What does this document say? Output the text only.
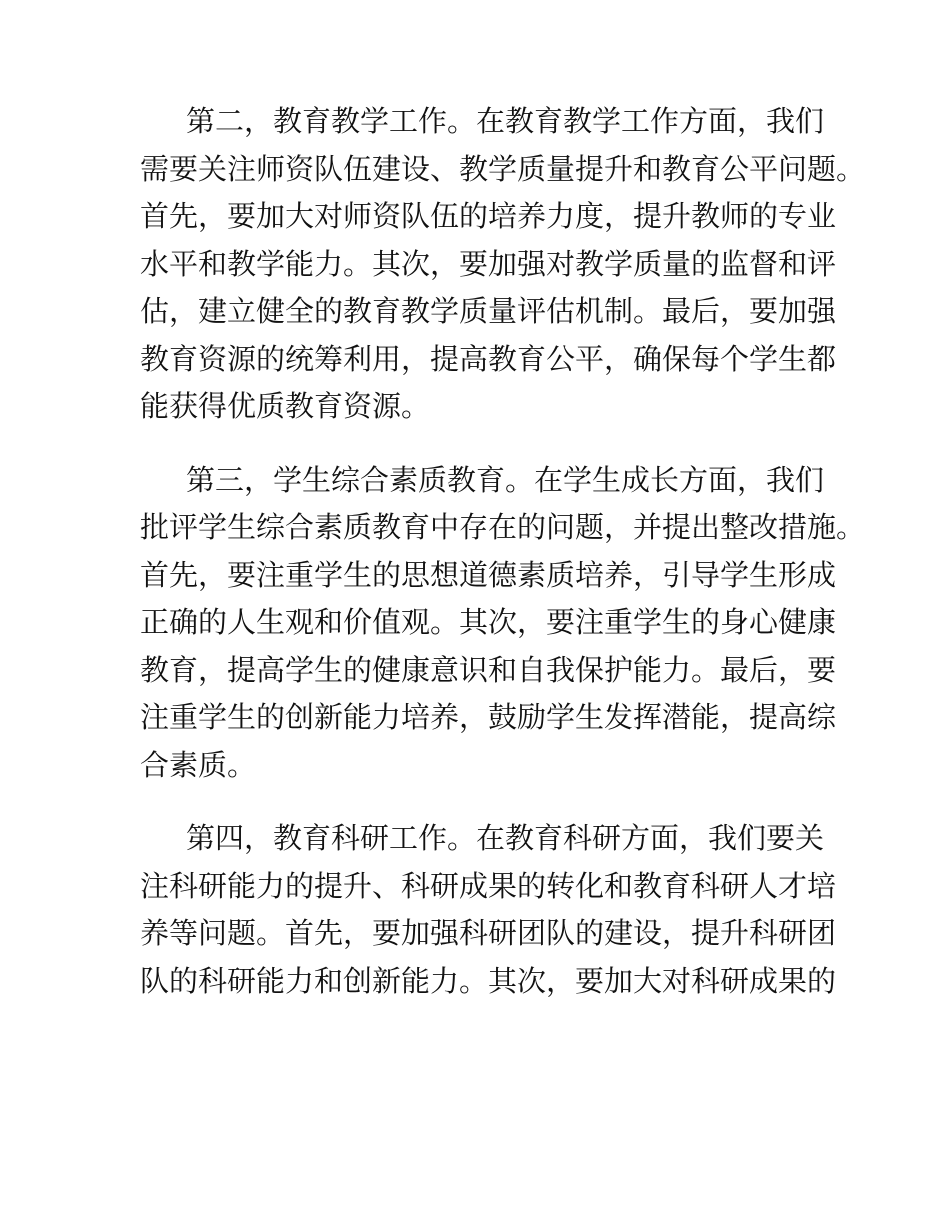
第二，教育教学工作。在教育教学工作方面，我们
需要关注师资队伍建设、教学质量提升和教育公平问题。
首先，要加大对师资队伍的培养力度，提升教师的专业
水平和教学能力。其次，要加强对教学质量的监督和评
估，建立健全的教育教学质量评估机制。最后，要加强
教育资源的统筹利用，提高教育公平，确保每个学生都
能获得优质教育资源。

第三，学生综合素质教育。在学生成长方面，我们
批评学生综合素质教育中存在的问题，并提出整改措施。
首先，要注重学生的思想道德素质培养，引导学生形成
正确的人生观和价值观。其次，要注重学生的身心健康
教育，提高学生的健康意识和自我保护能力。最后，要
注重学生的创新能力培养，鼓励学生发挥潜能，提高综
合素质。

第四，教育科研工作。在教育科研方面，我们要关
注科研能力的提升、科研成果的转化和教育科研人才培
养等问题。首先，要加强科研团队的建设，提升科研团
队的科研能力和创新能力。其次，要加大对科研成果的
